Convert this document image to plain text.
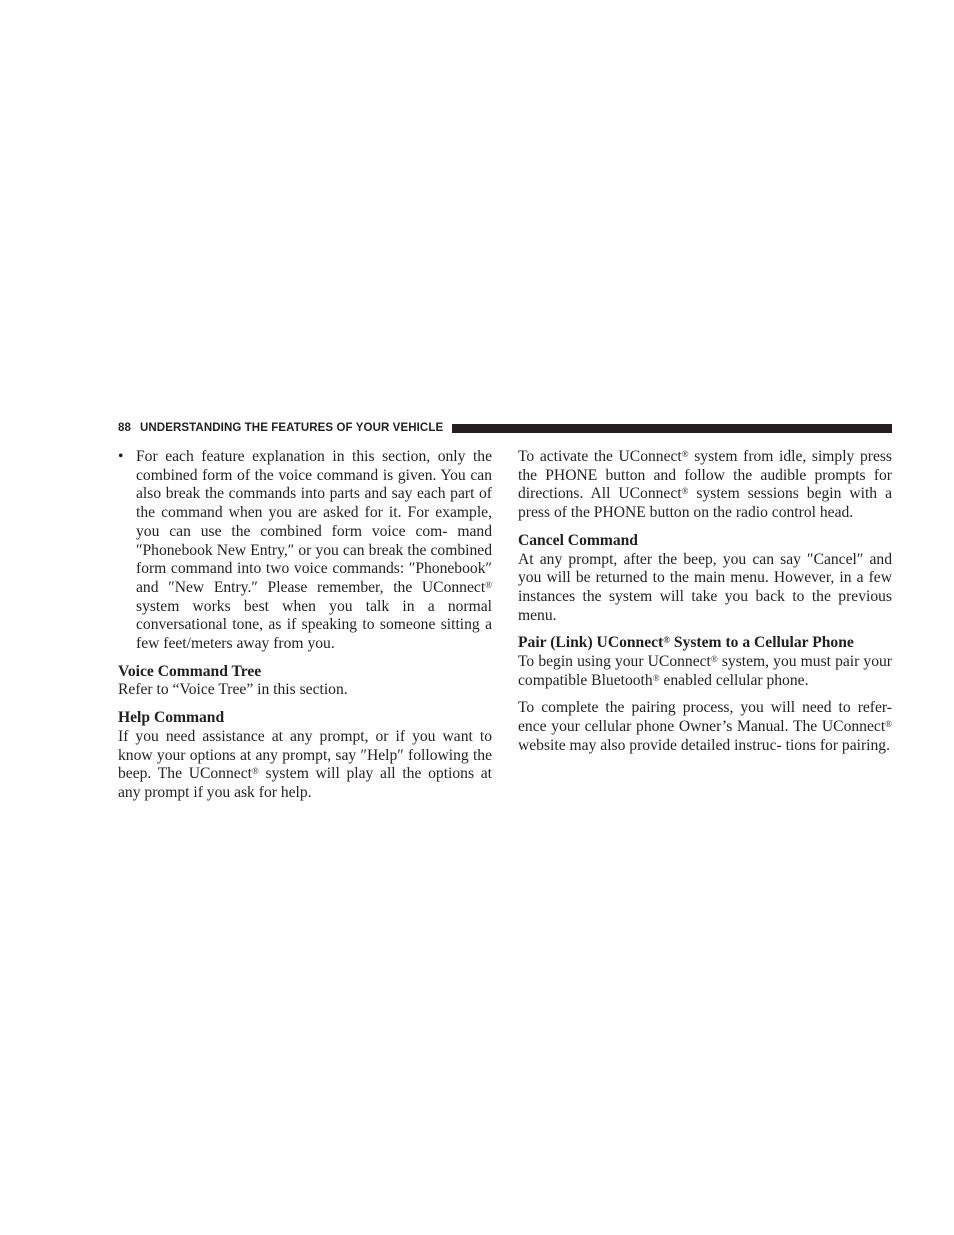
88 UNDERSTANDING THE FEATURES OF YOUR VEHICLE
• For each feature explanation in this section, only the combined form of the voice command is given. You can also break the commands into parts and say each part of the command when you are asked for it. For example, you can use the combined form voice com- mand ″Phonebook New Entry,″ or you can break the combined form command into two voice commands: ″Phonebook″ and ″New Entry.″ Please remember, the UConnect® system works best when you talk in a normal conversational tone, as if speaking to someone sitting a few feet/meters away from you.

Voice Command Tree

Refer to “Voice Tree” in this section.

Help Command

If you need assistance at any prompt, or if you want to know your options at any prompt, say ″Help″ following the beep. The UConnect® system will play all the options at any prompt if you ask for help.

To activate the UConnect® system from idle, simply press the PHONE button and follow the audible prompts for directions. All UConnect® system sessions begin with a press of the PHONE button on the radio control head.

Cancel Command

At any prompt, after the beep, you can say ″Cancel″ and you will be returned to the main menu. However, in a few instances the system will take you back to the previous menu.

Pair (Link) UConnect® System to a Cellular Phone

To begin using your UConnect® system, you must pair your compatible Bluetooth® enabled cellular phone.

To complete the pairing process, you will need to refer- ence your cellular phone Owner’s Manual. The UConnect® website may also provide detailed instruc- tions for pairing.
